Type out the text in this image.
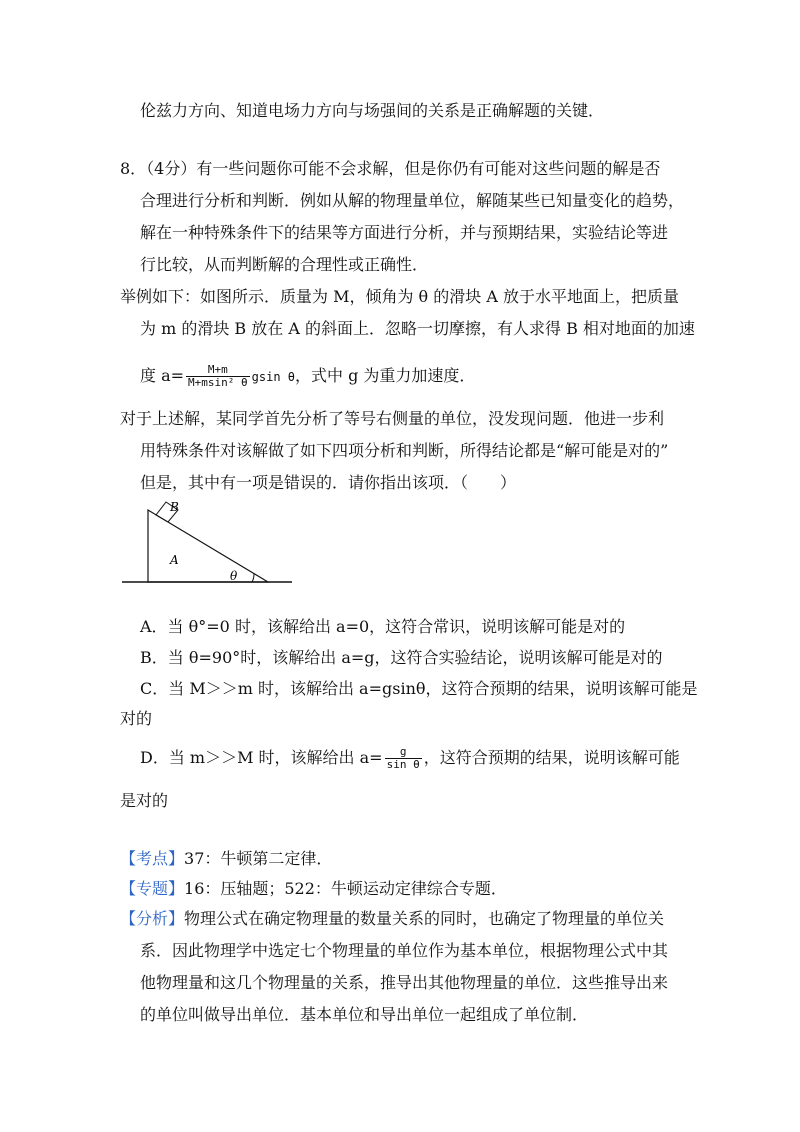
伦兹力方向、知道电场力方向与场强间的关系是正确解题的关键．
8．（4分）有一些问题你可能不会求解，但是你仍有可能对这些问题的解是否
合理进行分析和判断．例如从解的物理量单位，解随某些已知量变化的趋势，
解在一种特殊条件下的结果等方面进行分析，并与预期结果，实验结论等进
行比较，从而判断解的合理性或正确性．
举例如下：如图所示．质量为 M，倾角为 θ 的滑块 A 放于水平地面上，把质量
为 m 的滑块 B 放在 A 的斜面上．忽略一切摩擦，有人求得 B 相对地面的加速
度 $a= \frac{M+m}{\text{M+msin² θ}}$ gsin θ，式中 g 为重力加速度．
对于上述解，某同学首先分析了等号右侧量的单位，没发现问题．他进一步利
用特殊条件对该解做了如下四项分析和判断，所得结论都是“解可能是对的”
但是，其中有一项是错误的．请你指出该项．（　　）
B
A
θ
A．当 θ°=0 时，该解给出 a=0，这符合常识，说明该解可能是对的
B．当 θ=90°时，该解给出 a=g，这符合实验结论，说明该解可能是对的
C．当 M＞＞m 时，该解给出 a=gsinθ，这符合预期的结果，说明该解可能是
对的
D．当 m＞＞M 时，该解给出 $a= \frac{g}{\text{sin θ}}$ ，这符合预期的结果，说明该解可能
是对的
【考点】37：牛顿第二定律．
【专题】16：压轴题；522：牛顿运动定律综合专题．
【分析】物理公式在确定物理量的数量关系的同时，也确定了物理量的单位关
系．因此物理学中选定七个物理量的单位作为基本单位，根据物理公式中其
他物理量和这几个物理量的关系，推导出其他物理量的单位．这些推导出来
的单位叫做导出单位．基本单位和导出单位一起组成了单位制．
